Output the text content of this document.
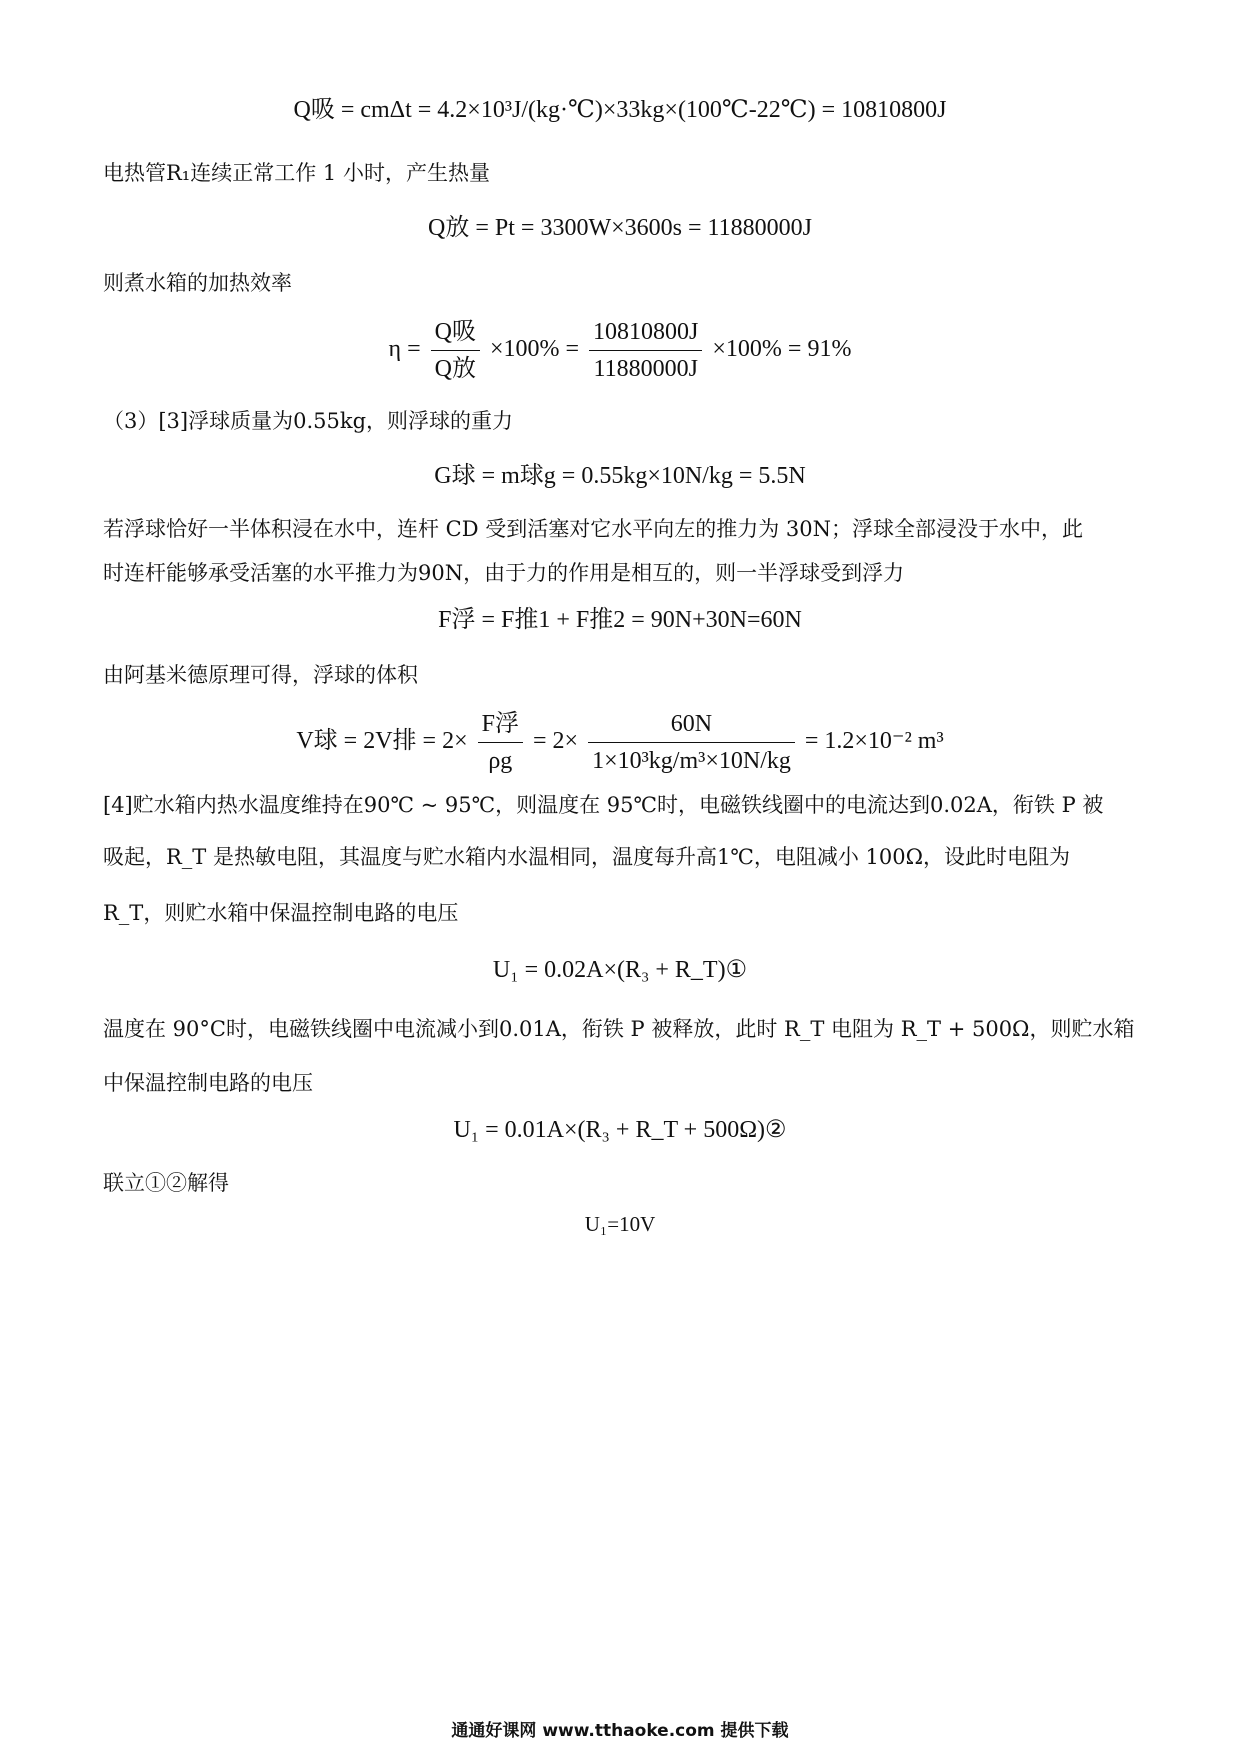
Q吸 = cmΔt = 4.2×10³J/(kg·℃)×33kg×(100℃-22℃) = 10810800J
电热管R₁连续正常工作 1 小时，产生热量
Q放 = Pt = 3300W×3600s = 11880000J
则煮水箱的加热效率
$\eta = \frac{\text{Q吸}}{\text{Q放}} \times 100\% = \frac{10810800J}{11880000J} \times 100\% = 91\%$
（3）[3]浮球质量为0.55kg，则浮球的重力
G球 = m球g = 0.55kg×10N/kg = 5.5N
若浮球恰好一半体积浸在水中，连杆 CD 受到活塞对它水平向左的推力为 30N；浮球全部浸没于水中，此
时连杆能够承受活塞的水平推力为90N，由于力的作用是相互的，则一半浮球受到浮力
F浮 = F推1 + F推2 = 90N+30N=60N
由阿基米德原理可得，浮球的体积
V球 = 2V排 = $2\times \frac{\text{F浮}}{\rho g} = 2\times \frac{60N}{\text{1×10³kg/m³×10N/kg}} = 1.2\times 10^{-2}$ m³
[4]贮水箱内热水温度维持在90℃ ~ 95℃，则温度在 95℃时，电磁铁线圈中的电流达到0.02A，衔铁 P 被
吸起，R_T 是热敏电阻，其温度与贮水箱内水温相同，温度每升高1℃，电阻减小 100Ω，设此时电阻为
R_T，则贮水箱中保温控制电路的电压
U₁ = 0.02A×(R₃ + R_T)①
温度在 90°C时，电磁铁线圈中电流减小到0.01A，衔铁 P 被释放，此时 R_T 电阻为 R_T + 500Ω，则贮水箱
中保温控制电路的电压
U₁ = 0.01A×(R₃ + R_T + 500Ω)②
联立①②解得
U₁=10V
通通好课网 www.tthaoke.com 提供下载
